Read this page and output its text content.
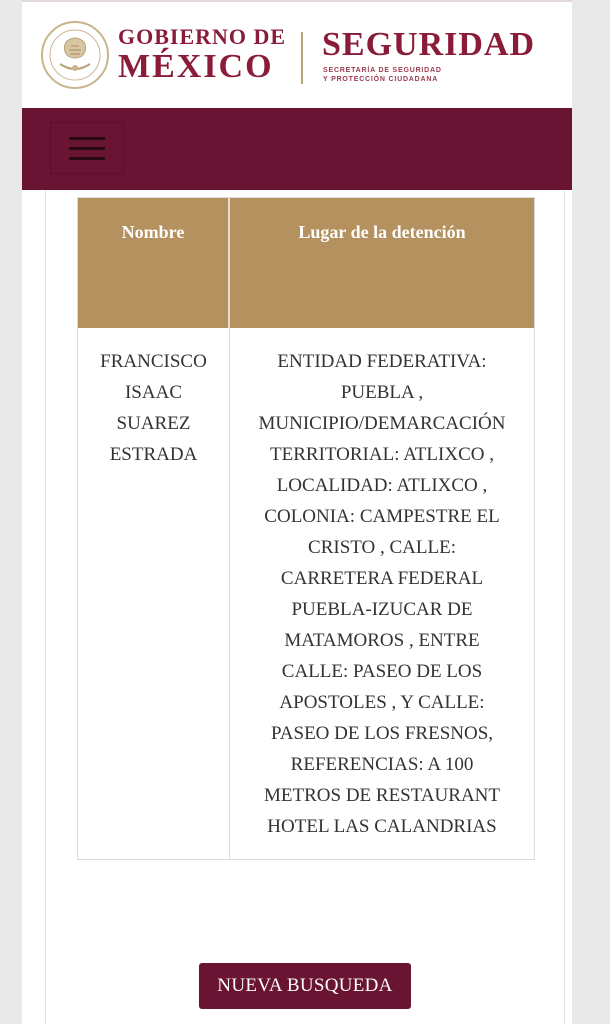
GOBIERNO DE
MÉXICO
SEGURIDAD
SECRETARÍA DE SEGURIDAD
Y PROTECCIÓN CIUDADANA
Nombre	Lugar de la detención
FRANCISCO
ISAAC
SUAREZ
ESTRADA
ENTIDAD FEDERATIVA:
PUEBLA ,
MUNICIPIO/DEMARCACIÓN
TERRITORIAL: ATLIXCO ,
LOCALIDAD: ATLIXCO ,
COLONIA: CAMPESTRE EL
CRISTO , CALLE:
CARRETERA FEDERAL
PUEBLA-IZUCAR DE
MATAMOROS , ENTRE
CALLE: PASEO DE LOS
APOSTOLES , Y CALLE:
PASEO DE LOS FRESNOS,
REFERENCIAS: A 100
METROS DE RESTAURANT
HOTEL LAS CALANDRIAS
NUEVA BUSQUEDA
